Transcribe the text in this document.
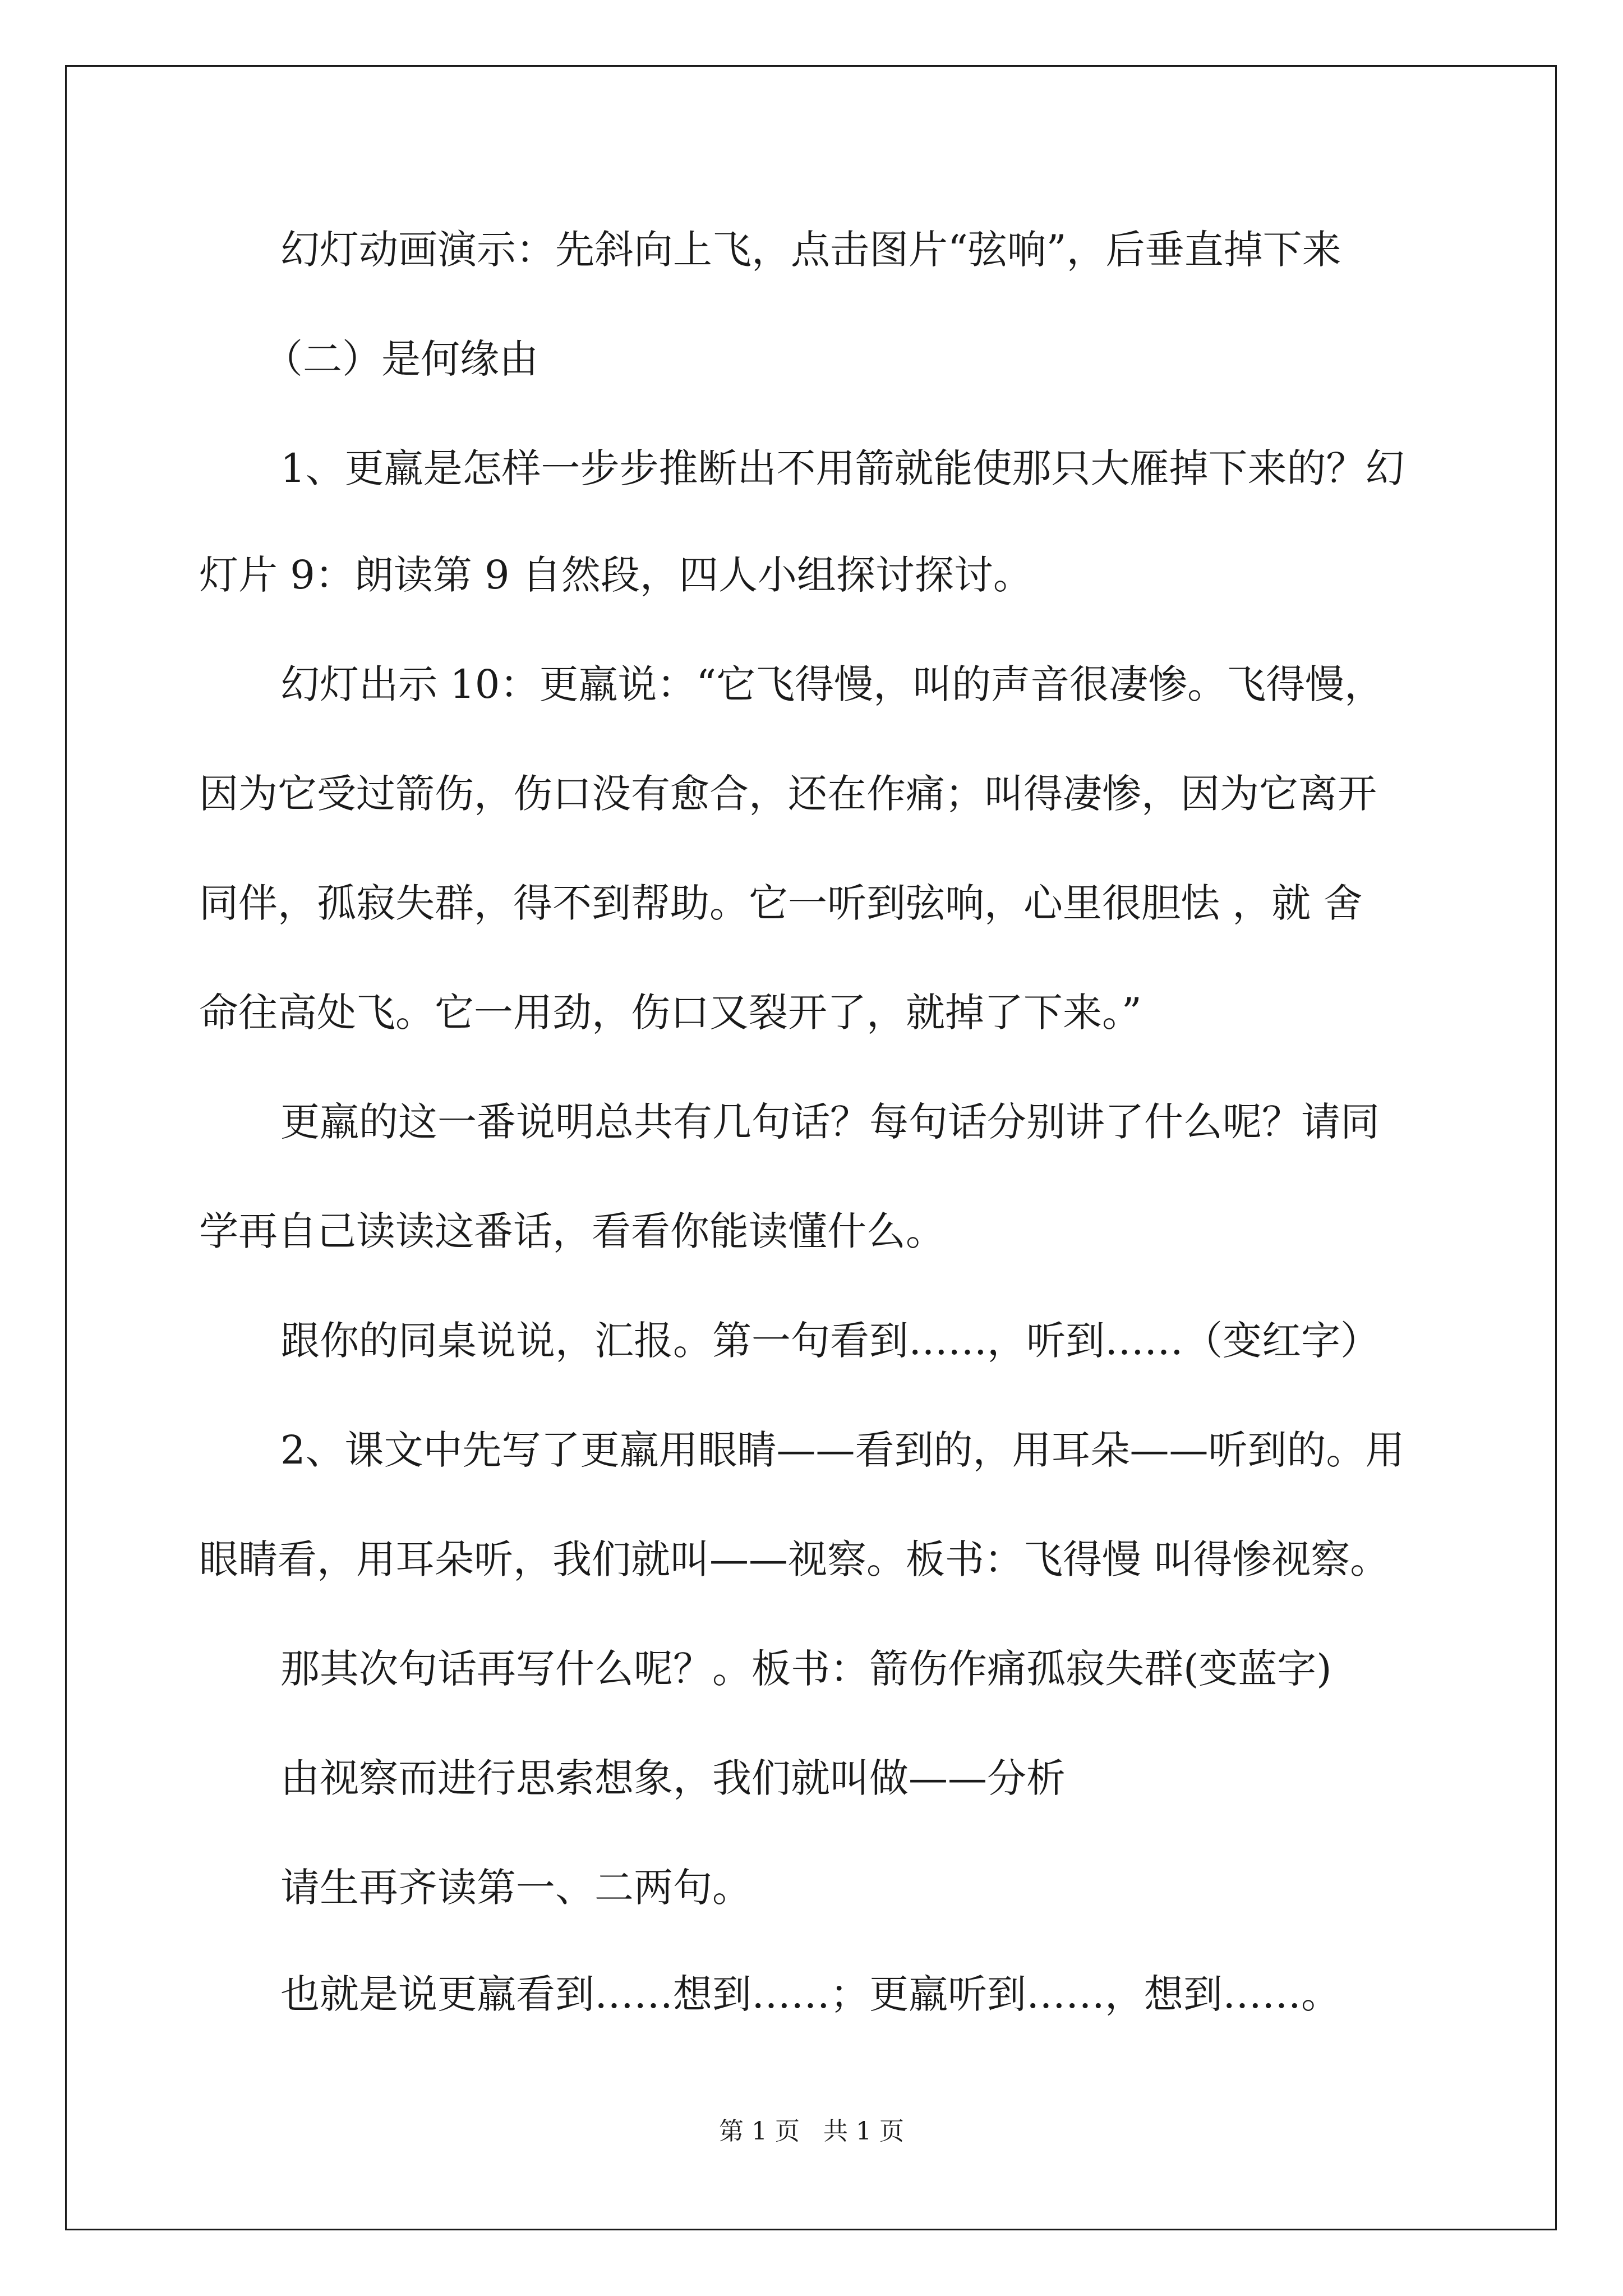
幻灯动画演示：先斜向上飞，点击图片“弦响”，后垂直掉下来

（二）是何缘由

1、更羸是怎样一步步推断出不用箭就能使那只大雁掉下来的？幻

灯片 9：朗读第 9 自然段，四人小组探讨探讨。

幻灯出示 10：更羸说：“它飞得慢，叫的声音很凄惨。飞得慢，

因为它受过箭伤，伤口没有愈合，还在作痛；叫得凄惨，因为它离开

同伴，孤寂失群，得不到帮助。它一听到弦响，心里很胆怯 ，就 舍

命往高处飞。它一用劲，伤口又裂开了，就掉了下来。”

更羸的这一番说明总共有几句话？每句话分别讲了什么呢？请同

学再自己读读这番话，看看你能读懂什么。

跟你的同桌说说，汇报。第一句看到……，听到……（变红字）

2、课文中先写了更羸用眼睛——看到的，用耳朵——听到的。用

眼睛看，用耳朵听，我们就叫——视察。板书：飞得慢 叫得惨视察。

那其次句话再写什么呢？。板书：箭伤作痛孤寂失群(变蓝字)

由视察而进行思索想象，我们就叫做——分析

请生再齐读第一、二两句。

也就是说更羸看到……想到……；更羸听到……，想到……。

第 1 页 共 1 页
